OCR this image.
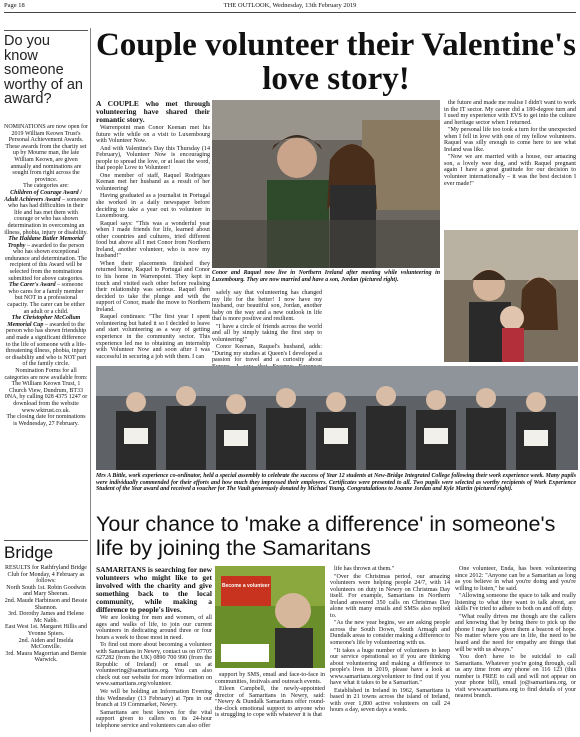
Page 18	THE OUTLOOK, Wednesday, 13th February 2019
Do you know someone worthy of an award?

NOMINATIONS are now open for 2019 William Keown Trust's Personal Achievement Awards.

These awards from the charity set up by Mourne man, the late William Keown, are given annually and nominations are sought from right across the province.

The categories are:

Children of Courage Award / Adult Achievers Award – someone who has had difficulties in their life and has met them with courage or who has shown determination in overcoming an illness, phobia, injury or disability.

The Haldane Butler Memorial Trophy – awarded to the person who has shown exceptional endurance and determination. The recipient of this Award will be selected from the nominations submitted for above categories.

The Carer's Award – someone who cares for a family member but NOT in a professional capacity. The carer can be either an adult or a child.

The Christopher McCollum Memorial Cup – awarded to the person who has shown friendship and made a significant difference to the life of someone with a life-threatening illness, phobia, injury or disability and who is NOT part of the family circle.

Nomination Forms for all categories are now available from:

The William Keown Trust, 1 Church View, Dundrum, BT33 0NA, by calling 028 4375 1247 or download from the website www.wktrust.co.uk.

The closing date for nominations is Wednesday, 27 February.

Bridge

RESULTS for Rathfryland Bridge Club for Monday, 4 February as follows:

North South 1st. Robin Goodwin and Mary Sheeran.

2nd. Maude Harbinson and Bessie Shannon.

3rd. Dorothy James and Helene Mc Nabb.

East West 1st. Margaret Hillis and Yvonne Spiers.

2nd. Aiden and Imelda McConville.

3rd. Maura Magorrian and Bernie Warwick.

Couple volunteer their Valentine's love story!

A COUPLE who met through volunteering have shared their romantic story.

Warrenpoint man Conor Keenan met his future wife while on a visit to Luxembourg with Volunteer Now.

And with Valentine's Day this Thursday (14 February), Volunteer Now is encouraging people to spread the love, or at least the word, that people Love to Volunteer!

One member of staff, Raquel Rodrigues Keenan met her husband as a result of her volunteering!

Having graduated as a journalist in Portugal she worked in a daily newspaper before deciding to take a year out to volunteer in Luxembourg.

Raquel says: "This was a wonderful year when I made friends for life, learned about other countries and cultures, tried different food but above all I met Conor from Northern Ireland, another volunteer, who is now my husband!"

When their placements finished they returned home, Raquel to Portugal and Conor to his home in Warrenpoint. They kept in touch and visited each other before realising their relationship was serious. Raquel then decided to take the plunge and with the support of Conor, made the move to Northern Ireland.

Raquel continues: "The first year I spent volunteering but hated it so I decided to leave and start volunteering as a way of getting experience in the community sector. This experience led me to obtaining an internship with Volunteer Now and soon after I was successful in securing a job with them. I can

Conor and Raquel now live in Northern Ireland after meeting while volunteering in Luxembourg. They are now married and have a son, Jordan (pictured right).

safely say that volunteering has changed my life for the better! I now have my husband, our beautiful son, Jordan, another baby on the way and a new outlook in life that is more positive and resilient.

"I have a circle of friends across the world and all by simply taking the first step to volunteering!"

Conor Keenan, Raquel's husband, adds: "During my studies at Queen's I developed a passion for travel and a curiosity about

the future and made me realise I didn't want to work in the IT sector. My career did a 180-degree turn and I used my experience with EVS to get into the culture and heritage sector when I returned.

"My personal life too took a turn for the unexpected when I fell in love with one of my fellow volunteers. Raquel was silly enough to come here to see what Ireland was like.

"Now we are married with a house, our amazing son, a lovely wee dog, and with Raquel pregnant again I have a great gratitude for our decision to volunteer internationally – it was the best decision I ever made!"

Mrs A Bittle, work experience co-ordinator, held a special assembly to celebrate the success of Year 12 students at New-Bridge Integrated College following their work experience week. Many pupils were individually commended for their efforts and how much they impressed their employers. Certificates were presented to all. Two pupils were selected as worthy recipients of Work Experience Student of the Year award and received a voucher for The Vault generously donated by Michael Young. Congratulations to Joanne Jordan and Kyle Martin (pictured right).
Your chance to 'make a difference' in someone's life by joining the Samaritans

SAMARITANS is searching for new volunteers who might like to get involved with the charity and give something back to the local community, while making a difference to people's lives.

We are looking for men and women, of all ages and walks of life, to join our current volunteers in dedicating around three or four hours a week to those most in need.

To find out more about becoming a volunteer with Samaritans in Newry, contact us on 07705 627282 (from the UK) 0890 700 990 (from the Republic of Ireland) or email us at volunteering@samaritans.org. You can also check out our website for more information on www.samaritans.org/volunteer.

We will be holding an Information Evening this Wednesday (13 February) at 7pm in our branch at 19 Cornmarket, Newry.

Samaritans are best known for the vital support given to callers on its 24-hour telephone service and volunteers can also offer

Become a volunteer

support by SMS, email and face-to-face in communities, festivals and outreach events.

Eileen Campbell, the newly-appointed director of Samaritans in Newry, said: "Newry & Dundalk Samaritans offer round-the-clock emotional support to anyone who is struggling to cope with whatever it is that

life has thrown at them."

"Over the Christmas period, our amazing volunteers were helping people 24/7, with 14 volunteers on duty in Newry on Christmas Day itself. For example, Samaritans in Northern Ireland answered 350 calls on Christmas Day alone with many emails and SMSs also replied to.

"As the new year begins, we are asking people across the South Down, South Armagh and Dundalk areas to consider making a difference to someone's life by volunteering with us.

"It takes a huge number of volunteers to keep our service operational so if you are thinking about volunteering and making a difference to people's lives in 2019, please have a look at www.samaritans.org/volunteer to find out if you have what it takes to be a Samaritan."

Established in Ireland in 1962, Samaritans is based in 21 towns across the island of Ireland, with over 1,800 active volunteers on call 24 hours a day, seven days a week.

One volunteer, Enda, has been volunteering since 2012: "Anyone can be a Samaritan as long as you believe in what you're doing and you're willing to listen," he said.

"Allowing someone the space to talk and really listening to what they want to talk about, are skills I've tried to adhere to both on and off duty.

"What really drives me though are the callers and knowing that by being there to pick up the phone I may have given them a beacon of hope. No matter where you are in life, the need to be heard and the need for empathy are things that will be with us always."

You don't have to be suicidal to call Samaritans. Whatever you're going through, call us any time from any phone on 116 123 (this number is FREE to call and will not appear on your phone bill), email jo@samaritans.org, or visit www.samaritans.org to find details of your nearest branch.
